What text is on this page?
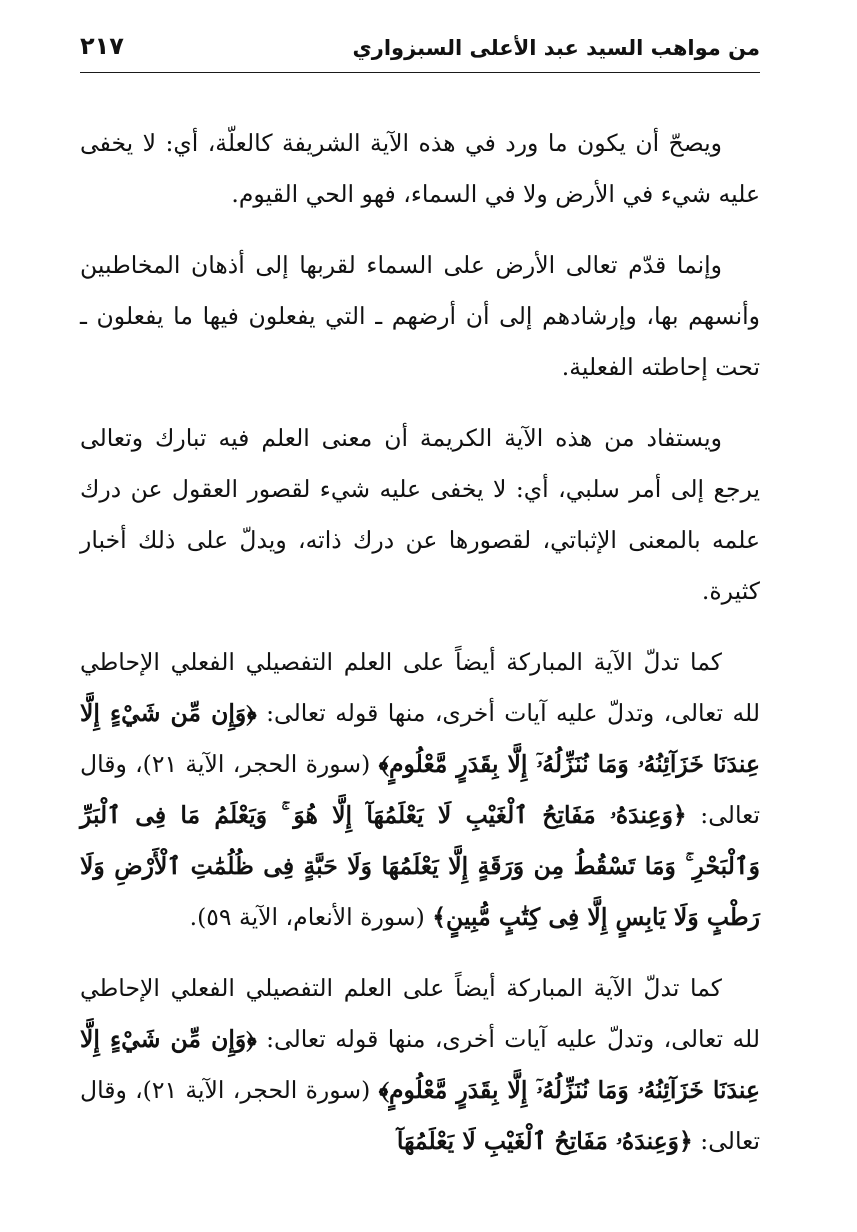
من مواهب السيد عبد الأعلى السبزواري
٢١٧

ويصحّ أن يكون ما ورد في هذه الآية الشريفة كالعلّة، أي: لا يخفى عليه شيء في الأرض ولا في السماء، فهو الحي القيوم.

وإنما قدّم تعالى الأرض على السماء لقربها إلى أذهان المخاطبين وأنسهم بها، وإرشادهم إلى أن أرضهم ـ التي يفعلون فيها ما يفعلون ـ تحت إحاطته الفعلية.

ويستفاد من هذه الآية الكريمة أن معنى العلم فيه تبارك وتعالى يرجع إلى أمر سلبي، أي: لا يخفى عليه شيء لقصور العقول عن درك علمه بالمعنى الإثباتي، لقصورها عن درك ذاته، ويدلّ على ذلك أخبار كثيرة.

كما تدلّ الآية المباركة أيضاً على العلم التفصيلي الفعلي الإحاطي لله تعالى، وتدلّ عليه آيات أخرى، منها قوله تعالى: ﴿وَإِن مِّن شَيْءٍ إِلَّا عِندَنَا خَزَآئِنُهُۥ وَمَا نُنَزِّلُهُۥٓ إِلَّا بِقَدَرٍ مَّعْلُومٍ﴾ (سورة الحجر، الآية ٢١)، وقال تعالى: ﴿وَعِندَهُۥ مَفَاتِحُ ٱلْغَيْبِ لَا يَعْلَمُهَآ إِلَّا هُوَ ۚ وَيَعْلَمُ مَا فِى ٱلْبَرِّ وَٱلْبَحْرِ ۚ وَمَا تَسْقُطُ مِن وَرَقَةٍ إِلَّا يَعْلَمُهَا وَلَا حَبَّةٍ فِى ظُلُمَٰتِ ٱلْأَرْضِ وَلَا رَطْبٍ وَلَا يَابِسٍ إِلَّا فِى كِتَٰبٍ مُّبِينٍ﴾ (سورة الأنعام، الآية ٥٩).

كما تدلّ الآية المباركة أيضاً على العلم التفصيلي الفعلي الإحاطي لله تعالى، وتدلّ عليه آيات أخرى، منها قوله تعالى: ﴿وَإِن مِّن شَيْءٍ إِلَّا عِندَنَا خَزَآئِنُهُۥ وَمَا نُنَزِّلُهُۥٓ إِلَّا بِقَدَرٍ مَّعْلُومٍ﴾ (سورة الحجر، الآية ٢١)، وقال تعالى: ﴿وَعِندَهُۥ مَفَاتِحُ ٱلْغَيْبِ لَا يَعْلَمُهَآ
